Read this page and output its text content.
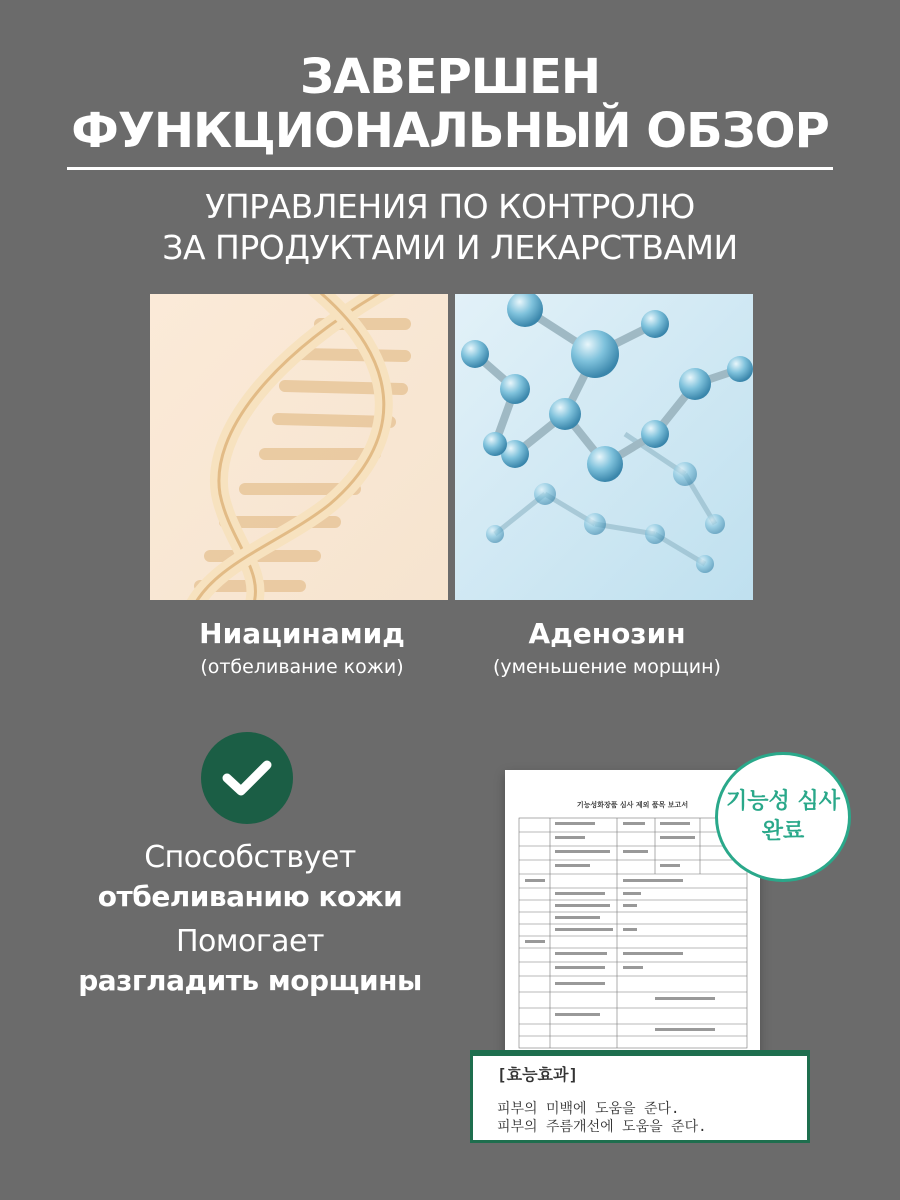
ЗАВЕРШЕН
ФУНКЦИОНАЛЬНЫЙ ОБЗОР
УПРАВЛЕНИЯ ПО КОНТРОЛЮ
ЗА ПРОДУКТАМИ И ЛЕКАРСТВАМИ
Ниацинамид
(отбеливание кожи)
Аденозин
(уменьшение морщин)
Способствует
отбеливанию кожи
Помогает
разгладить морщины
기능성화장품 심사 제외 품목 보고서	기능성 심사
완료
[효능효과]
피부의 미백에 도움을 준다.
피부의 주름개선에 도움을 준다.
